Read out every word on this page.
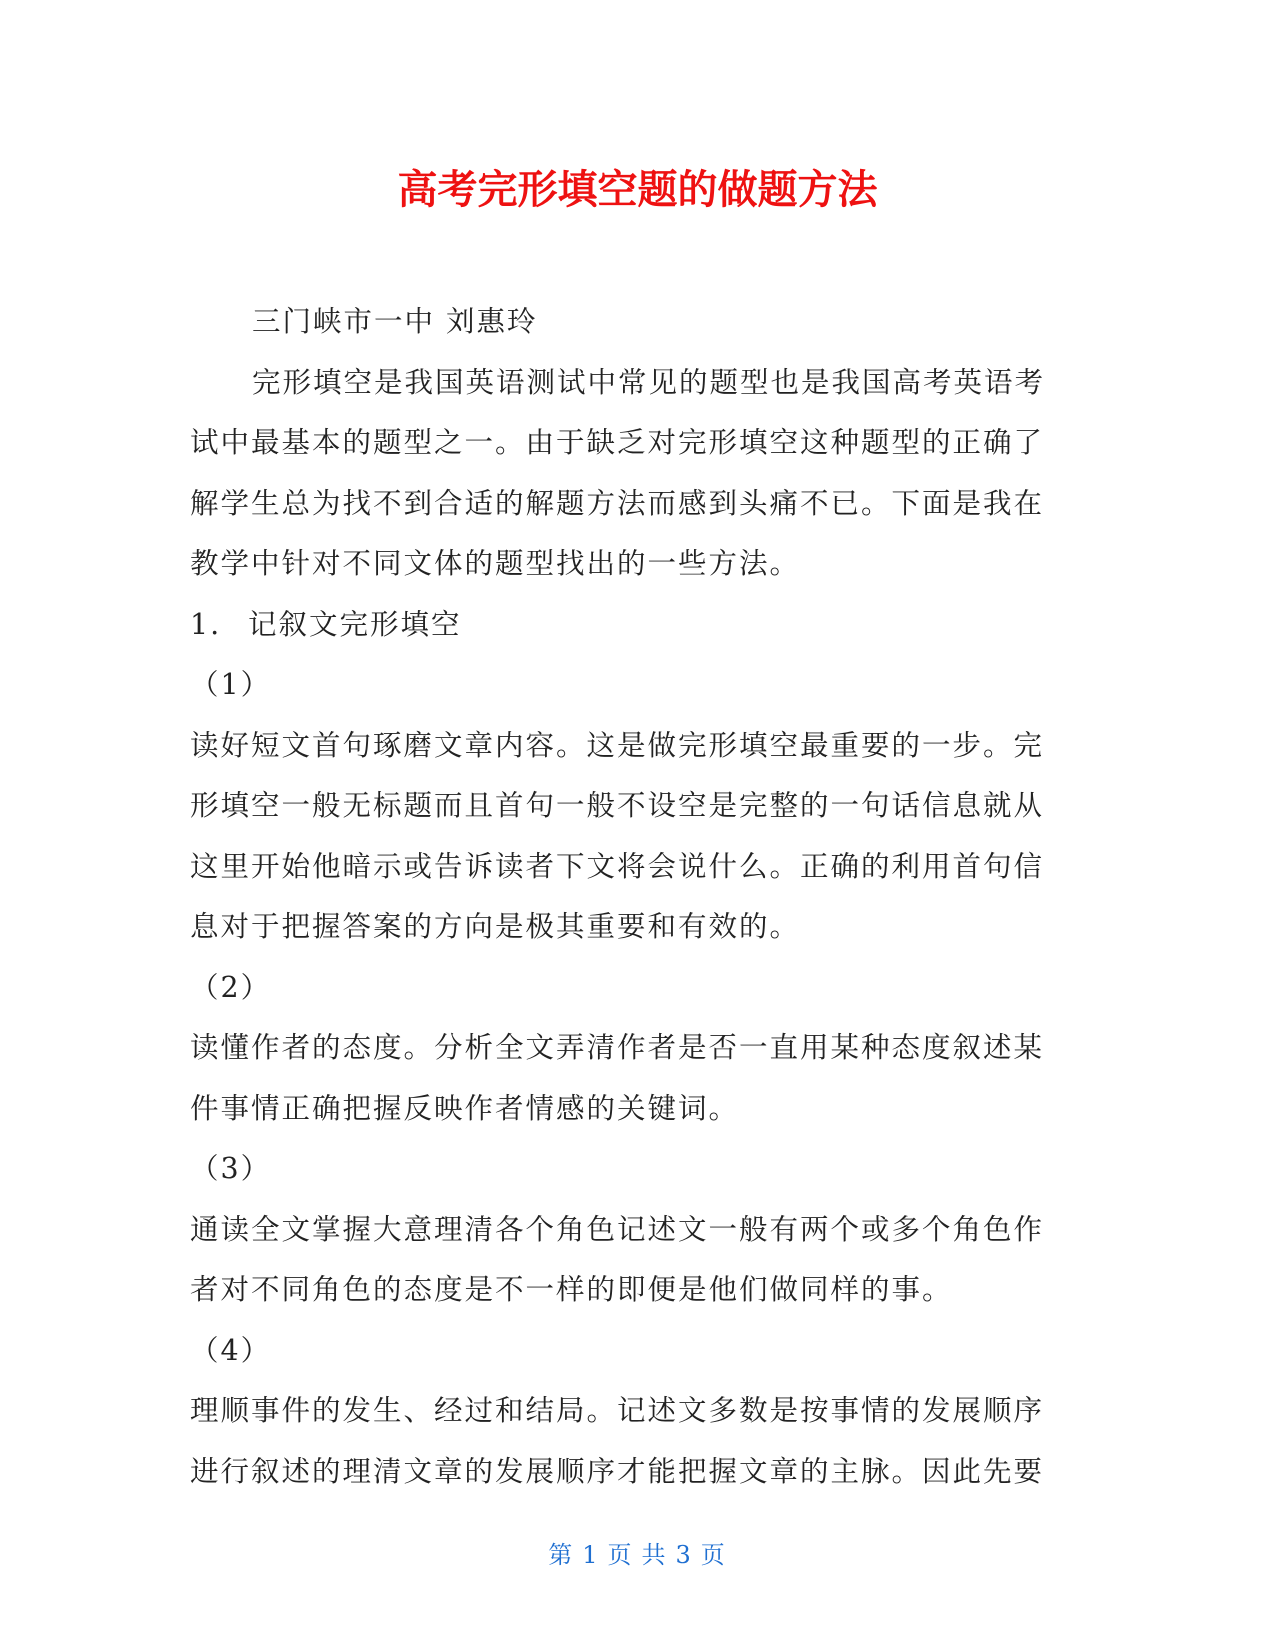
高考完形填空题的做题方法

三门峡市一中 刘惠玲

完形填空是我国英语测试中常见的题型也是我国高考英语考试中最基本的题型之一。由于缺乏对完形填空这种题型的正确了解学生总为找不到合适的解题方法而感到头痛不已。下面是我在教学中针对不同文体的题型找出的一些方法。

1. 记叙文完形填空

（1）

读好短文首句琢磨文章内容。这是做完形填空最重要的一步。完形填空一般无标题而且首句一般不设空是完整的一句话信息就从这里开始他暗示或告诉读者下文将会说什么。正确的利用首句信息对于把握答案的方向是极其重要和有效的。

（2）

读懂作者的态度。分析全文弄清作者是否一直用某种态度叙述某件事情正确把握反映作者情感的关键词。

（3）

通读全文掌握大意理清各个角色记述文一般有两个或多个角色作者对不同角色的态度是不一样的即便是他们做同样的事。

（4）

理顺事件的发生、经过和结局。记述文多数是按事情的发展顺序进行叙述的理清文章的发展顺序才能把握文章的主脉。因此先要

第 1 页 共 3 页
